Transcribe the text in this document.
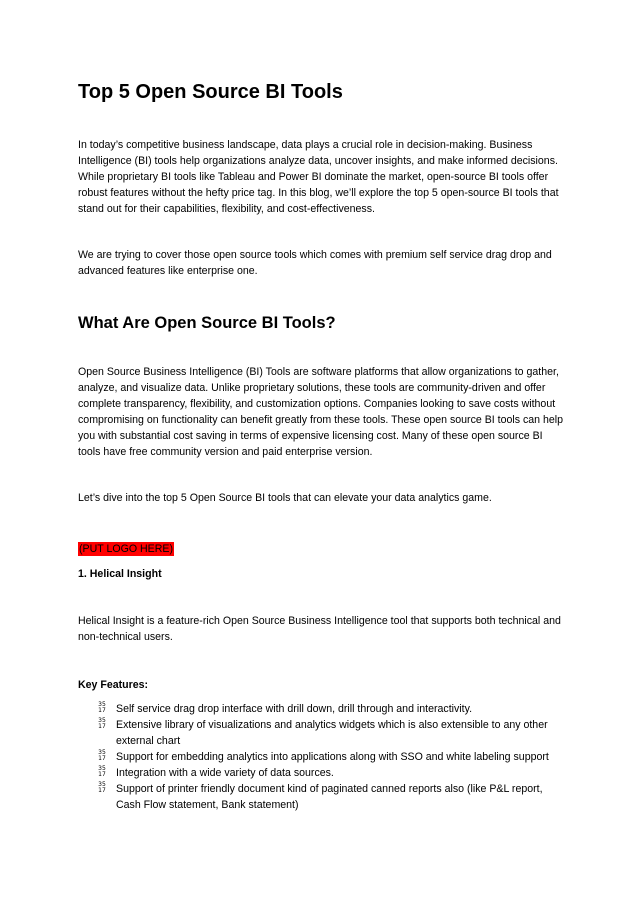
Top 5 Open Source BI Tools

In today’s competitive business landscape, data plays a crucial role in decision-making. Business Intelligence (BI) tools help organizations analyze data, uncover insights, and make informed decisions. While proprietary BI tools like Tableau and Power BI dominate the market, open-source BI tools offer robust features without the hefty price tag. In this blog, we’ll explore the top 5 open-source BI tools that stand out for their capabilities, flexibility, and cost-effectiveness.

We are trying to cover those open source tools which comes with premium self service drag drop and advanced features like enterprise one.

What Are Open Source BI Tools?

Open Source Business Intelligence (BI) Tools are software platforms that allow organizations to gather, analyze, and visualize data. Unlike proprietary solutions, these tools are community-driven and offer complete transparency, flexibility, and customization options. Companies looking to save costs without compromising on functionality can benefit greatly from these tools. These open source BI tools can help you with substantial cost saving in terms of expensive licensing cost. Many of these open source BI tools have free community version and paid enterprise version.

Let’s dive into the top 5 Open Source BI tools that can elevate your data analytics game.

(PUT LOGO HERE)

1. Helical Insight

Helical Insight is a feature-rich Open Source Business Intelligence tool that supports both technical and non-technical users.

Key Features:

35
17 Self service drag drop interface with drill down, drill through and interactivity.
35
17 Extensive library of visualizations and analytics widgets which is also extensible to any other external chart
35
17 Support for embedding analytics into applications along with SSO and white labeling support
35
17 Integration with a wide variety of data sources.
35
17 Support of printer friendly document kind of paginated canned reports also (like P&L report, Cash Flow statement, Bank statement)
